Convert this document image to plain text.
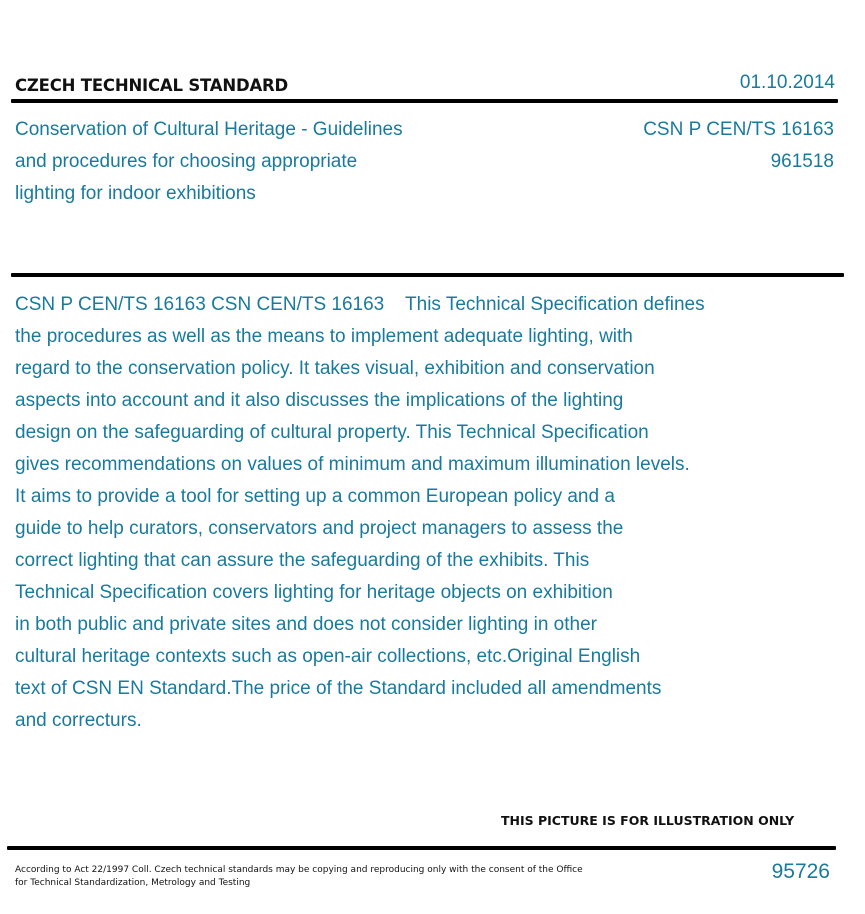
CZECH TECHNICAL STANDARD	01.10.2014
Conservation of Cultural Heritage - Guidelines
and procedures for choosing appropriate
lighting for indoor exhibitions
CSN P CEN/TS 16163
961518
CSN P CEN/TS 16163 CSN CEN/TS 16163    This Technical Specification defines
the procedures as well as the means to implement adequate lighting, with
regard to the conservation policy. It takes visual, exhibition and conservation
aspects into account and it also discusses the implications of the lighting
design on the safeguarding of cultural property. This Technical Specification
gives recommendations on values of minimum and maximum illumination levels.
It aims to provide a tool for setting up a common European policy and a
guide to help curators, conservators and project managers to assess the
correct lighting that can assure the safeguarding of the exhibits. This
Technical Specification covers lighting for heritage objects on exhibition
in both public and private sites and does not consider lighting in other
cultural heritage contexts such as open-air collections, etc.Original English
text of CSN EN Standard.The price of the Standard included all amendments
and correcturs.
THIS PICTURE IS FOR ILLUSTRATION ONLY
According to Act 22/1997 Coll. Czech technical standards may be copying and reproducing only with the consent of the Office
for Technical Standardization, Metrology and Testing	95726
